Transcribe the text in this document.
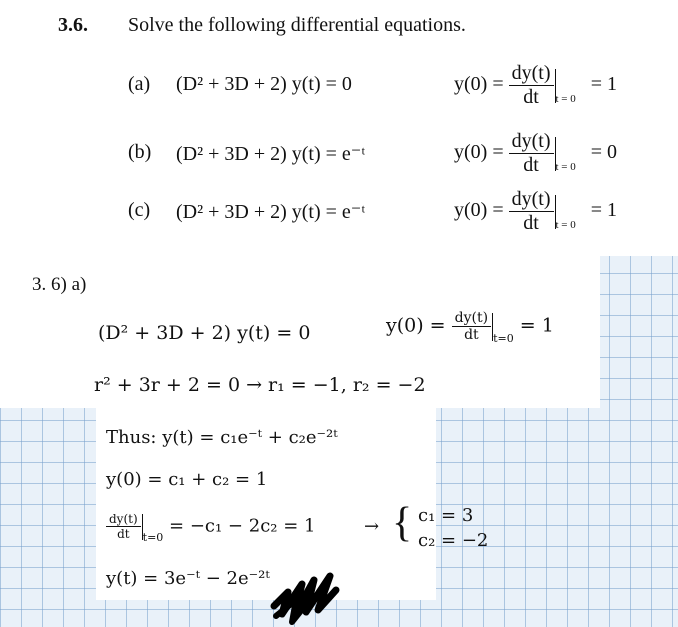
3.6. Solve the following differential equations.
(a) (D² + 3D + 2) y(t) = 0	$y(0) = \frac{dy(t)}{dt} _{t = 0} = 1$
(b) (D² + 3D + 2) y(t) = e⁻ᵗ	$y(0) = \frac{dy(t)}{dt} _{t = 0} = 0$
(c) (D² + 3D + 2) y(t) = e⁻ᵗ	$y(0) = \frac{dy(t)}{dt} _{t = 0} = 1$
3. 6) a)
(D² + 3D + 2) y(t) = 0	$y(0) = \frac{dy(t)}{dt} _{t=0} = 1$
r² + 3r + 2 = 0 → r₁ = −1, r₂ = −2
Thus: y(t) = c₁e⁻ᵗ + c₂e⁻²ᵗ
y(0) = c₁ + c₂ = 1
$\frac{dy(t)}{dt} _{t=0} = -c_1 - 2c_2 = 1$	→ { c₁ = 3
c₂ = −2
y(t) = 3e⁻ᵗ − 2e⁻²ᵗ
